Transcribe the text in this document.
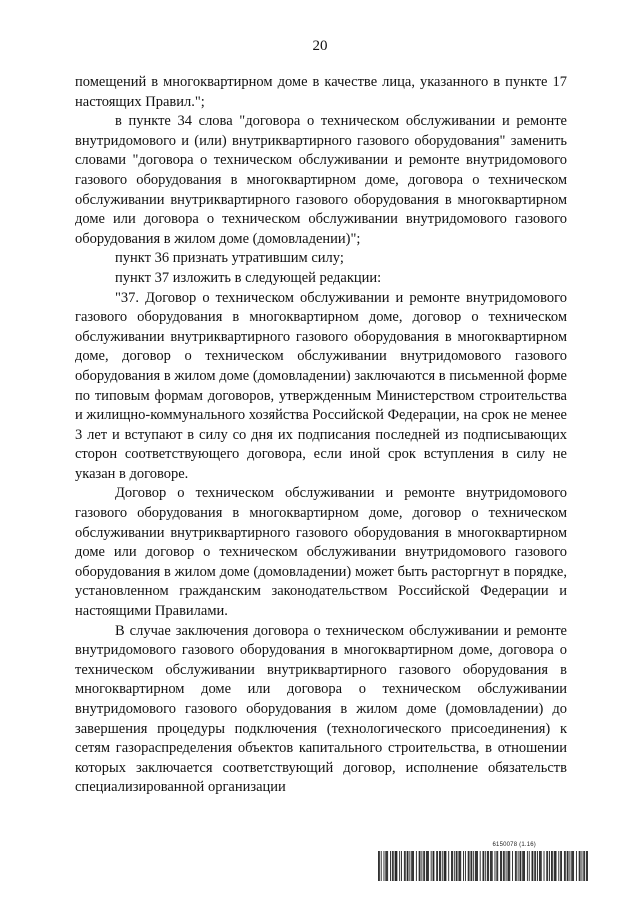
20

помещений в многоквартирном доме в качестве лица, указанного в пункте 17 настоящих Правил.";

в пункте 34 слова "договора о техническом обслуживании и ремонте внутридомового и (или) внутриквартирного газового оборудования" заменить словами "договора о техническом обслуживании и ремонте внутридомового газового оборудования в многоквартирном доме, договора о техническом обслуживании внутриквартирного газового оборудования в многоквартирном доме или договора о техническом обслуживании внутридомового газового оборудования в жилом доме (домовладении)";

пункт 36 признать утратившим силу;

пункт 37 изложить в следующей редакции:

"37. Договор о техническом обслуживании и ремонте внутридомового газового оборудования в многоквартирном доме, договор о техническом обслуживании внутриквартирного газового оборудования в многоквартирном доме, договор о техническом обслуживании внутридомового газового оборудования в жилом доме (домовладении) заключаются в письменной форме по типовым формам договоров, утвержденным Министерством строительства и жилищно-коммунального хозяйства Российской Федерации, на срок не менее 3 лет и вступают в силу со дня их подписания последней из подписывающих сторон соответствующего договора, если иной срок вступления в силу не указан в договоре.

Договор о техническом обслуживании и ремонте внутридомового газового оборудования в многоквартирном доме, договор о техническом обслуживании внутриквартирного газового оборудования в многоквартирном доме или договор о техническом обслуживании внутридомового газового оборудования в жилом доме (домовладении) может быть расторгнут в порядке, установленном гражданским законодательством Российской Федерации и настоящими Правилами.

В случае заключения договора о техническом обслуживании и ремонте внутридомового газового оборудования в многоквартирном доме, договора о техническом обслуживании внутриквартирного газового оборудования в многоквартирном доме или договора о техническом обслуживании внутридомового газового оборудования в жилом доме (домовладении) до завершения процедуры подключения (технологического присоединения) к сетям газораспределения объектов капитального строительства, в отношении которых заключается соответствующий договор, исполнение обязательств специализированной организации

6150078 (1.16)
